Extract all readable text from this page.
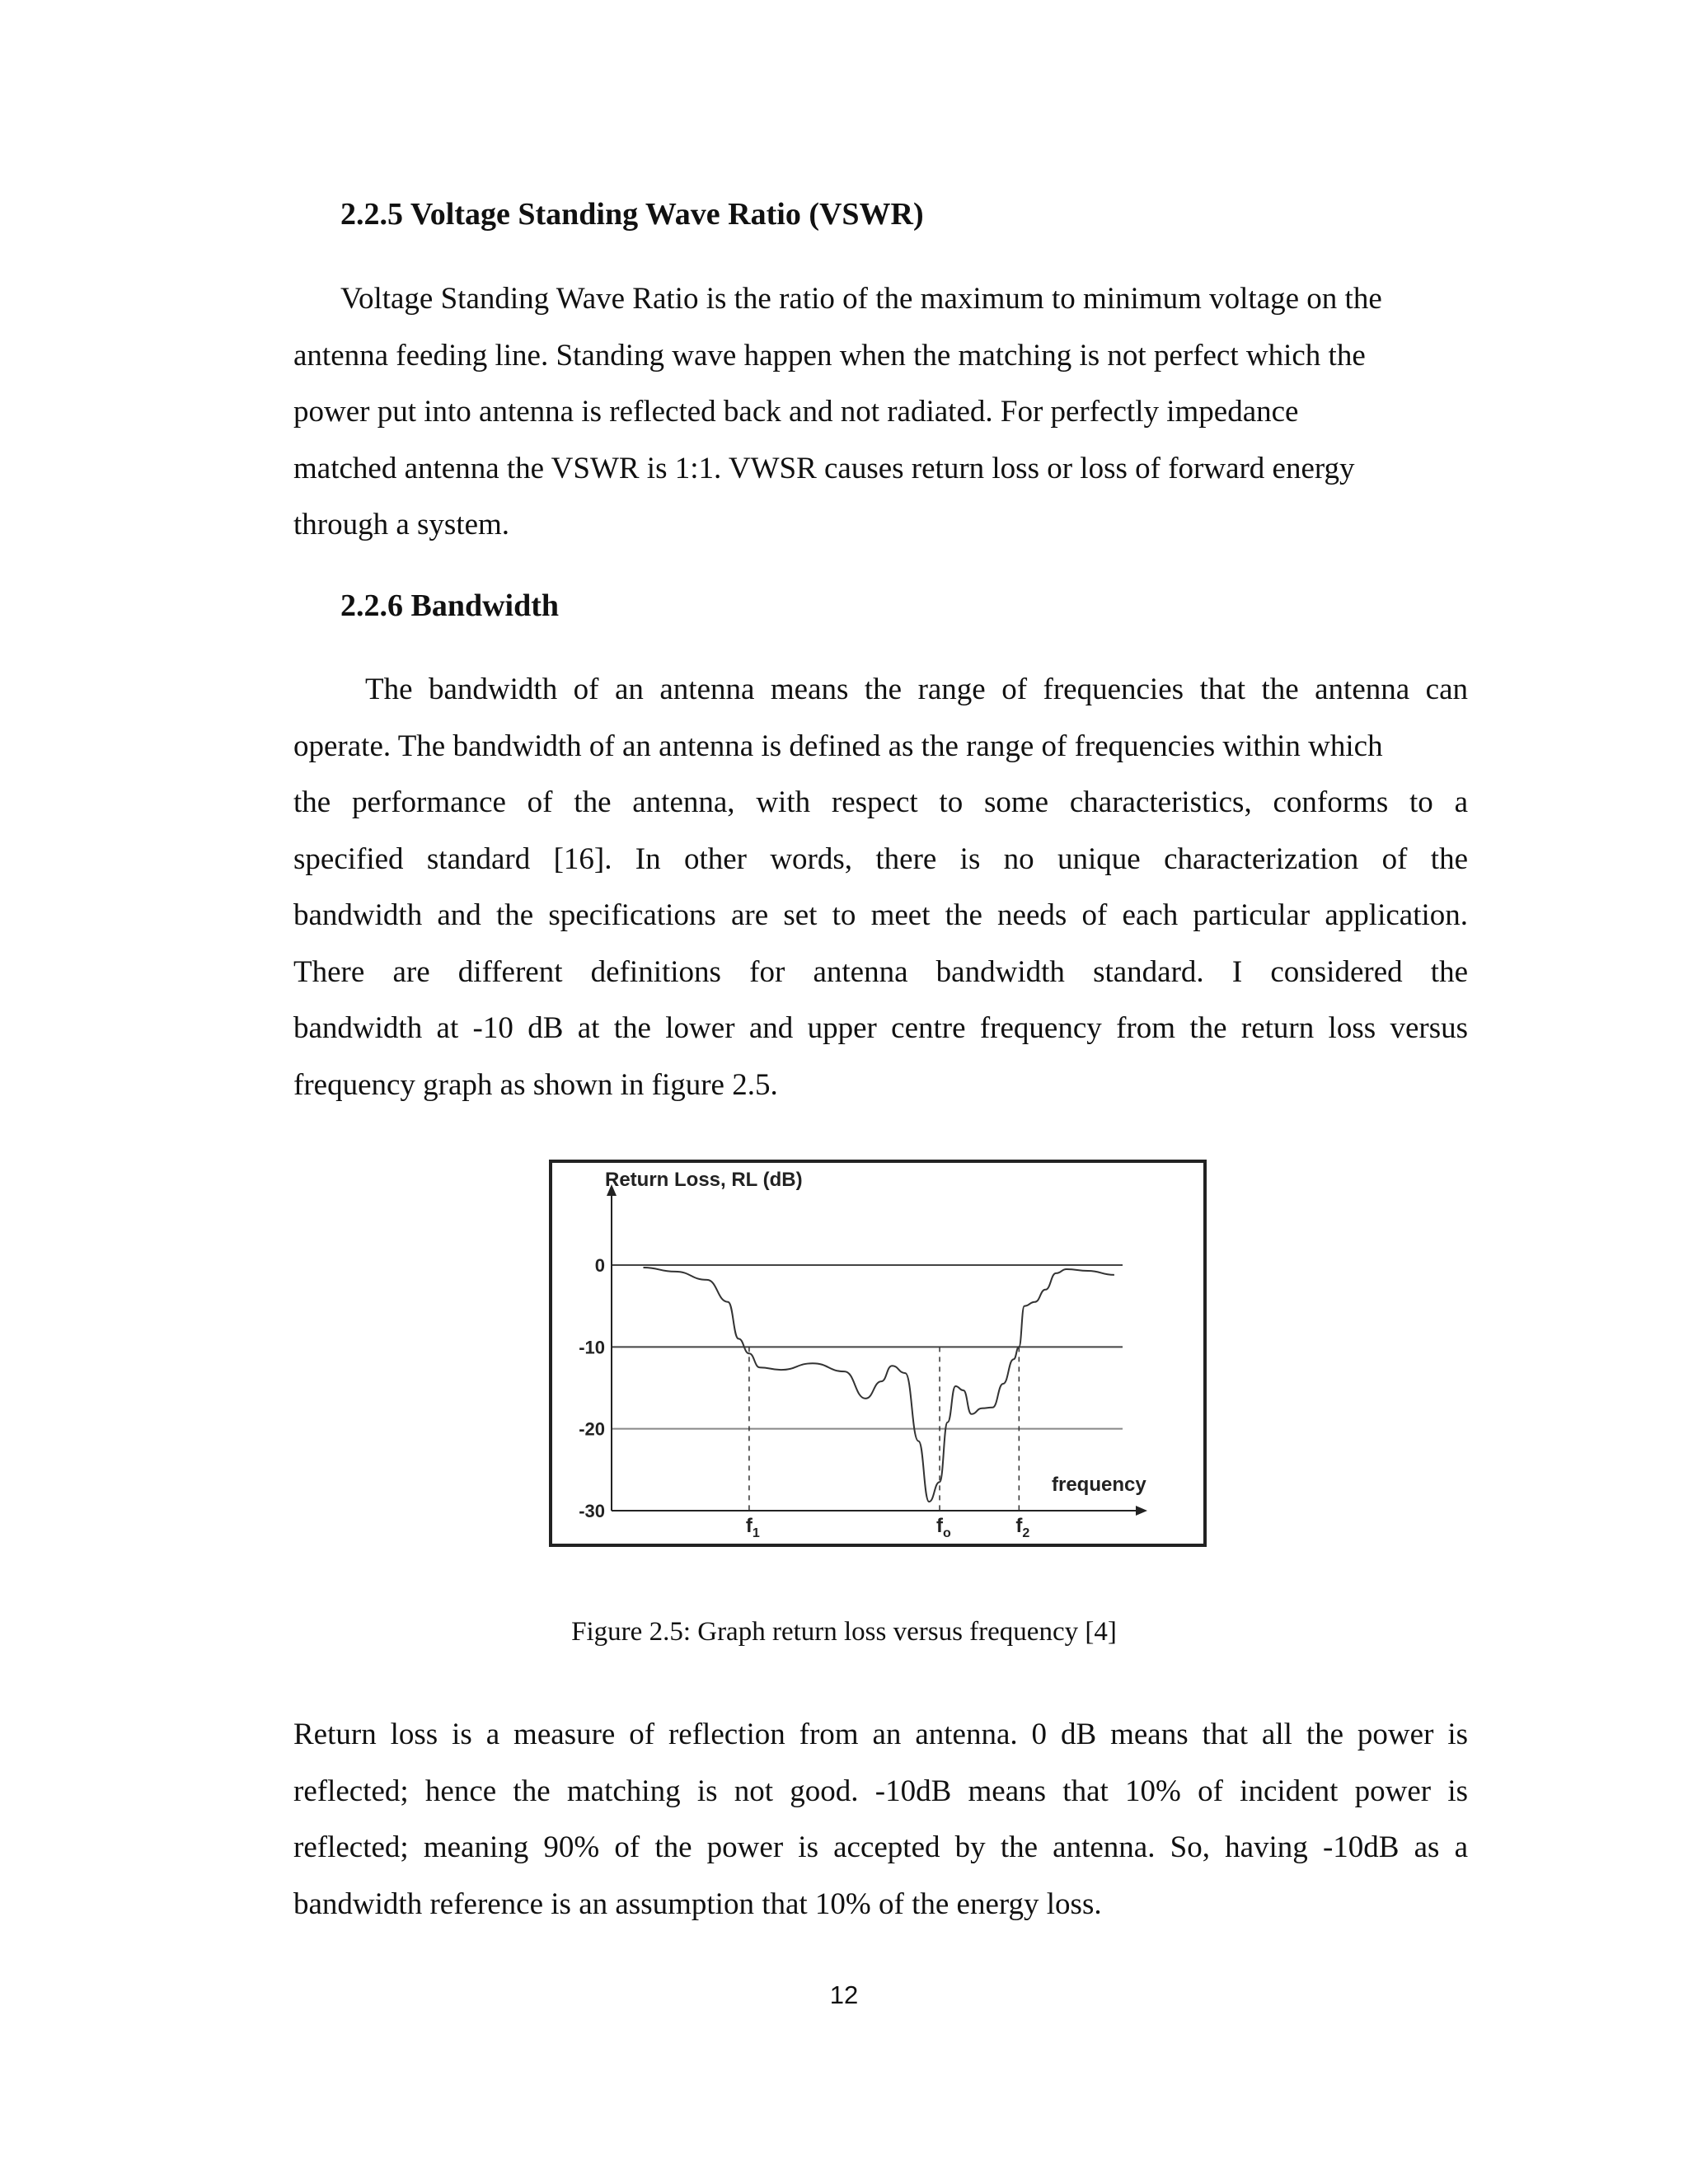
2.2.5 Voltage Standing Wave Ratio (VSWR)
Voltage Standing Wave Ratio is the ratio of the maximum to minimum voltage on the
antenna feeding line. Standing wave happen when the matching is not perfect which the
power put into antenna is reflected back and not radiated. For perfectly impedance
matched antenna the VSWR is 1:1. VWSR causes return loss or loss of forward energy
through a system.
2.2.6 Bandwidth
The bandwidth of an antenna means the range of frequencies that the antenna can
operate. The bandwidth of an antenna is defined as the range of frequencies within which
the performance of the antenna, with respect to some characteristics, conforms to a
specified standard [16]. In other words, there is no unique characterization of the
bandwidth and the specifications are set to meet the needs of each particular application.
There are different definitions for antenna bandwidth standard. I considered the
bandwidth at -10 dB at the lower and upper centre frequency from the return loss versus
frequency graph as shown in figure 2.5.
Return Loss, RL (dB)
frequency
0
-10
-20
-30
$f_1$	$f_o$	$f_2$

Figure 2.5: Graph return loss versus frequency [4]

Return loss is a measure of reflection from an antenna. 0 dB means that all the power is
reflected; hence the matching is not good. -10dB means that 10% of incident power is
reflected; meaning 90% of the power is accepted by the antenna. So, having -10dB as a
bandwidth reference is an assumption that 10% of the energy loss.

12
